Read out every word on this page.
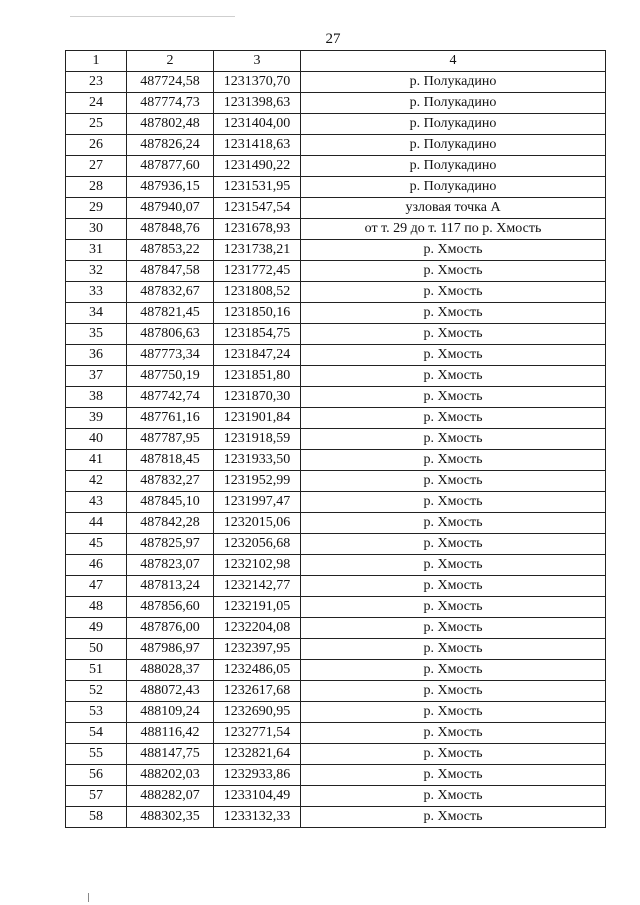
27
1	2	3	4
23	487724,58	1231370,70	р. Полукадино
24	487774,73	1231398,63	р. Полукадино
25	487802,48	1231404,00	р. Полукадино
26	487826,24	1231418,63	р. Полукадино
27	487877,60	1231490,22	р. Полукадино
28	487936,15	1231531,95	р. Полукадино
29	487940,07	1231547,54	узловая точка А
30	487848,76	1231678,93	от т. 29 до т. 117 по р. Хмость
31	487853,22	1231738,21	р. Хмость
32	487847,58	1231772,45	р. Хмость
33	487832,67	1231808,52	р. Хмость
34	487821,45	1231850,16	р. Хмость
35	487806,63	1231854,75	р. Хмость
36	487773,34	1231847,24	р. Хмость
37	487750,19	1231851,80	р. Хмость
38	487742,74	1231870,30	р. Хмость
39	487761,16	1231901,84	р. Хмость
40	487787,95	1231918,59	р. Хмость
41	487818,45	1231933,50	р. Хмость
42	487832,27	1231952,99	р. Хмость
43	487845,10	1231997,47	р. Хмость
44	487842,28	1232015,06	р. Хмость
45	487825,97	1232056,68	р. Хмость
46	487823,07	1232102,98	р. Хмость
47	487813,24	1232142,77	р. Хмость
48	487856,60	1232191,05	р. Хмость
49	487876,00	1232204,08	р. Хмость
50	487986,97	1232397,95	р. Хмость
51	488028,37	1232486,05	р. Хмость
52	488072,43	1232617,68	р. Хмость
53	488109,24	1232690,95	р. Хмость
54	488116,42	1232771,54	р. Хмость
55	488147,75	1232821,64	р. Хмость
56	488202,03	1232933,86	р. Хмость
57	488282,07	1233104,49	р. Хмость
58	488302,35	1233132,33	р. Хмость
